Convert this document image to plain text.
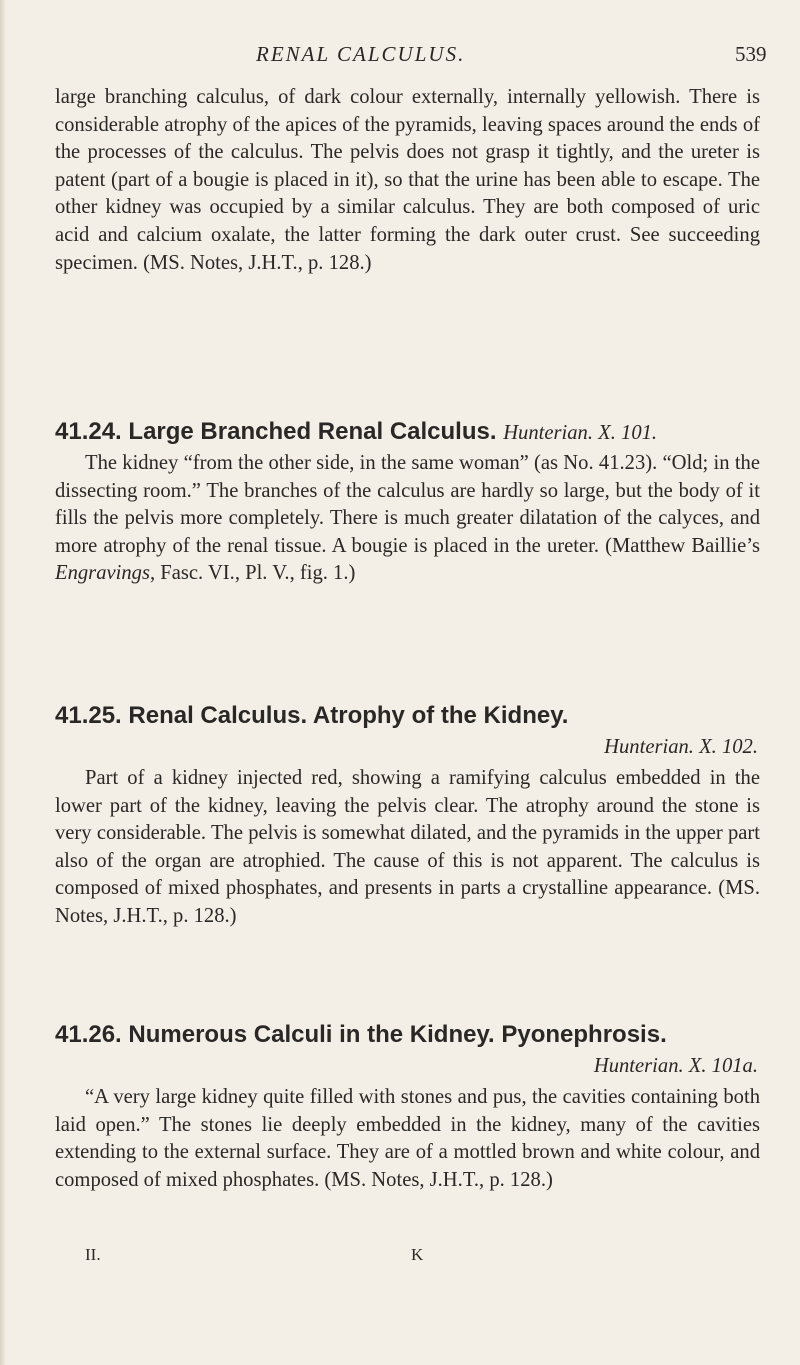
RENAL CALCULUS.	539

large branching calculus, of dark colour externally, internally yellowish. There is considerable atrophy of the apices of the pyramids, leaving spaces around the ends of the processes of the calculus. The pelvis does not grasp it tightly, and the ureter is patent (part of a bougie is placed in it), so that the urine has been able to escape. The other kidney was occupied by a similar calculus. They are both composed of uric acid and calcium oxalate, the latter forming the dark outer crust. See succeeding specimen. (MS. Notes, J.H.T., p. 128.)

41.24. Large Branched Renal Calculus. Hunterian. X. 101.

The kidney “from the other side, in the same woman” (as No. 41.23). “Old; in the dissecting room.” The branches of the calculus are hardly so large, but the body of it fills the pelvis more completely. There is much greater dilatation of the calyces, and more atrophy of the renal tissue. A bougie is placed in the ureter. (Matthew Baillie’s Engravings, Fasc. VI., Pl. V., fig. 1.)

41.25. Renal Calculus. Atrophy of the Kidney.
Hunterian. X. 102.

Part of a kidney injected red, showing a ramifying calculus embedded in the lower part of the kidney, leaving the pelvis clear. The atrophy around the stone is very considerable. The pelvis is somewhat dilated, and the pyramids in the upper part also of the organ are atrophied. The cause of this is not apparent. The calculus is composed of mixed phosphates, and presents in parts a crystalline appearance. (MS. Notes, J.H.T., p. 128.)

41.26. Numerous Calculi in the Kidney. Pyonephrosis.
Hunterian. X. 101a.

“A very large kidney quite filled with stones and pus, the cavities containing both laid open.” The stones lie deeply embedded in the kidney, many of the cavities extending to the external surface. They are of a mottled brown and white colour, and composed of mixed phosphates. (MS. Notes, J.H.T., p. 128.)

II.	K
